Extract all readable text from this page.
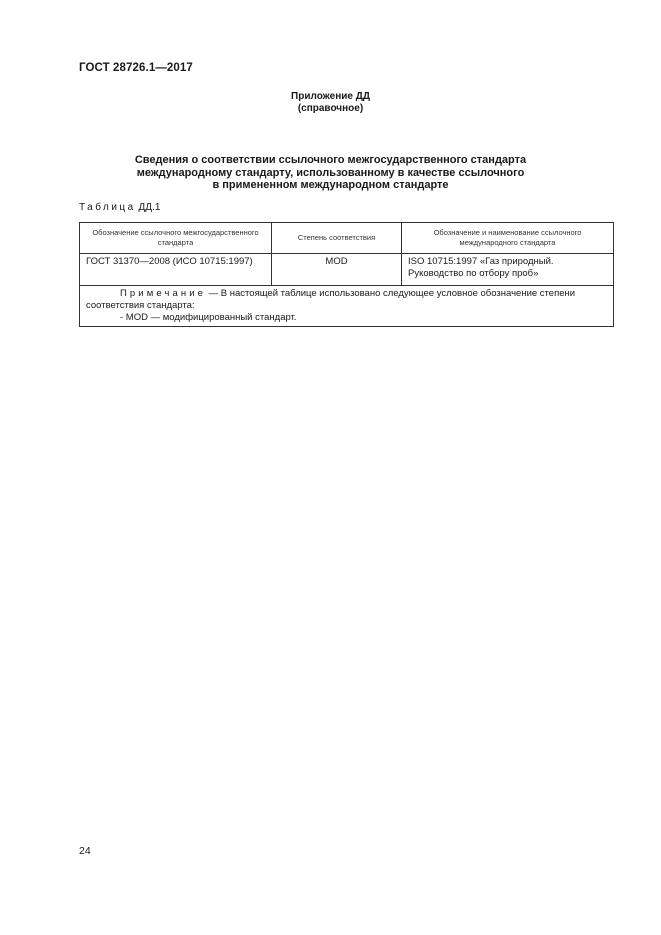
ГОСТ 28726.1—2017
Приложение ДД
(справочное)
Сведения о соответствии ссылочного межгосударственного стандарта
международному стандарту, использованному в качестве ссылочного
в примененном международном стандарте
Таблица ДД.1
Обозначение ссылочного межгосударственного стандарта	Степень соответствия	Обозначение и наименование ссылочного международного стандарта
ГОСТ 31370—2008 (ИСО 10715:1997)	MOD	ISO 10715:1997 «Газ природный. Руководство по отбору проб»

Примечание — В настоящей таблице использовано следующее условное обозначение степени соответствия стандарта:
- MOD — модифицированный стандарт.		
24
